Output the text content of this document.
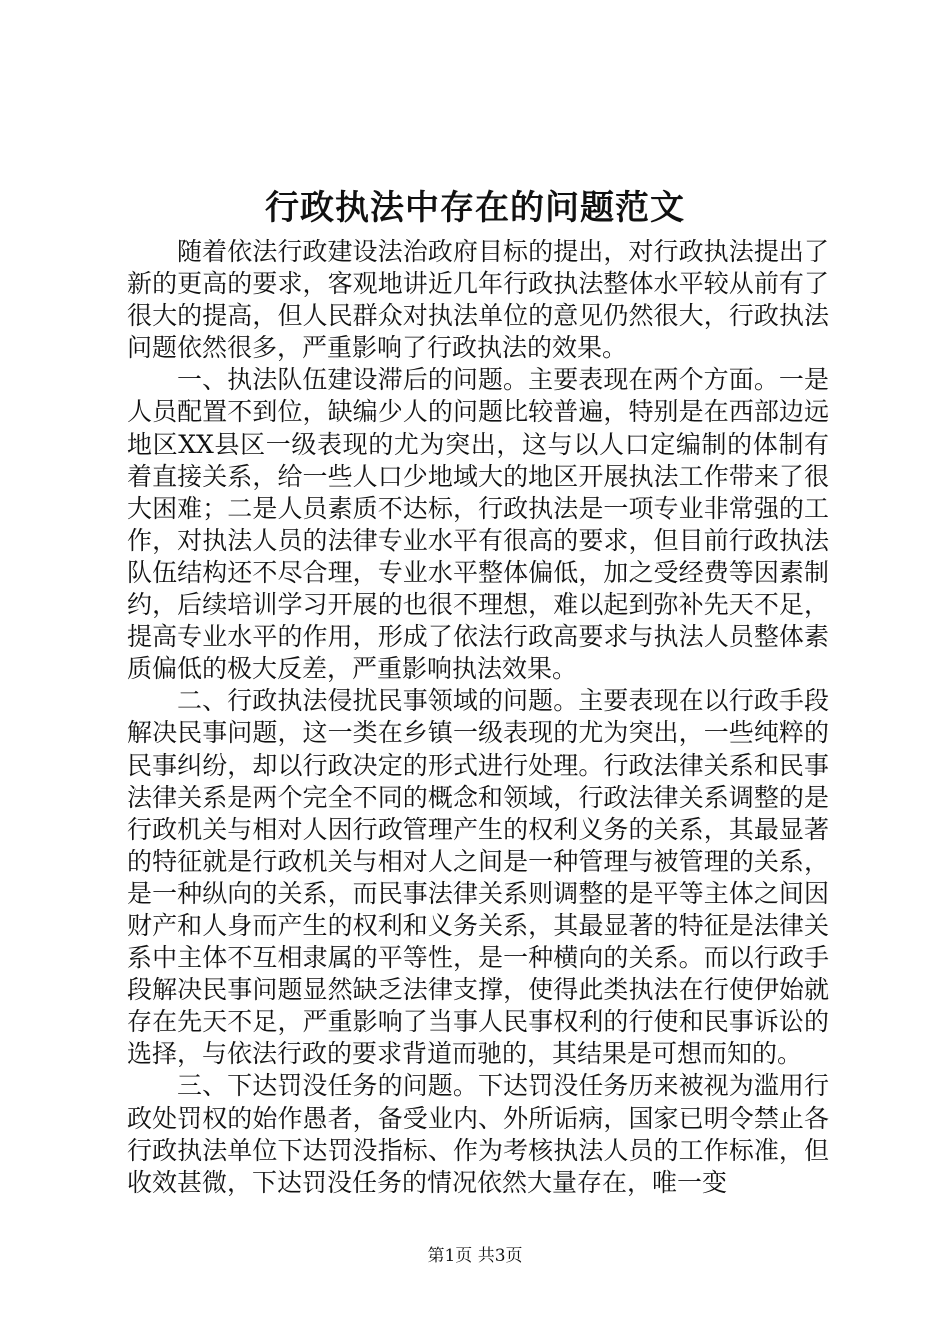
行政执法中存在的问题范文

随着依法行政建设法治政府目标的提出，对行政执法提出了新的更高的要求，客观地讲近几年行政执法整体水平较从前有了很大的提高，但人民群众对执法单位的意见仍然很大，行政执法问题依然很多，严重影响了行政执法的效果。

一、执法队伍建设滞后的问题。主要表现在两个方面。一是人员配置不到位，缺编少人的问题比较普遍，特别是在西部边远地区XX县区一级表现的尤为突出，这与以人口定编制的体制有着直接关系，给一些人口少地域大的地区开展执法工作带来了很大困难；二是人员素质不达标，行政执法是一项专业非常强的工作，对执法人员的法律专业水平有很高的要求，但目前行政执法队伍结构还不尽合理，专业水平整体偏低，加之受经费等因素制约，后续培训学习开展的也很不理想，难以起到弥补先天不足，提高专业水平的作用，形成了依法行政高要求与执法人员整体素质偏低的极大反差，严重影响执法效果。

二、行政执法侵扰民事领域的问题。主要表现在以行政手段解决民事问题，这一类在乡镇一级表现的尤为突出，一些纯粹的民事纠纷，却以行政决定的形式进行处理。行政法律关系和民事法律关系是两个完全不同的概念和领域，行政法律关系调整的是行政机关与相对人因行政管理产生的权利义务的关系，其最显著的特征就是行政机关与相对人之间是一种管理与被管理的关系，是一种纵向的关系，而民事法律关系则调整的是平等主体之间因财产和人身而产生的权利和义务关系，其最显著的特征是法律关系中主体不互相隶属的平等性，是一种横向的关系。而以行政手段解决民事问题显然缺乏法律支撑，使得此类执法在行使伊始就存在先天不足，严重影响了当事人民事权利的行使和民事诉讼的选择，与依法行政的要求背道而驰的，其结果是可想而知的。

三、下达罚没任务的问题。下达罚没任务历来被视为滥用行政处罚权的始作愚者，备受业内、外所诟病，国家已明令禁止各行政执法单位下达罚没指标、作为考核执法人员的工作标准，但收效甚微，下达罚没任务的情况依然大量存在，唯一变

第1页 共3页
